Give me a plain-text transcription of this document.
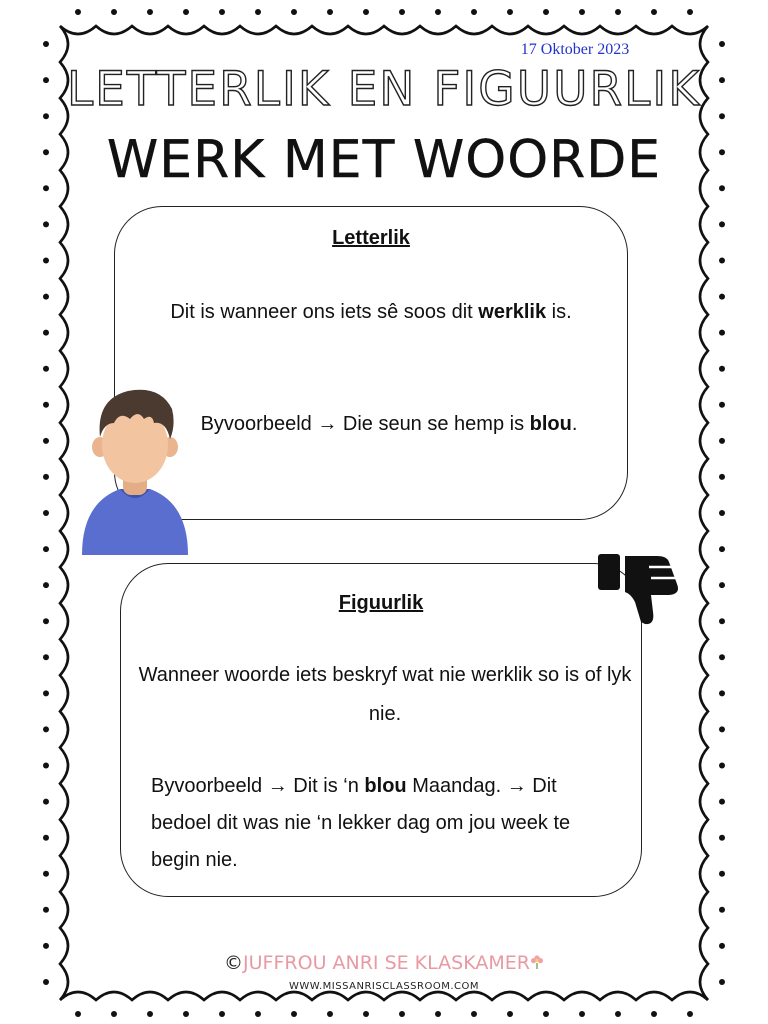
17 Oktober 2023
LETTERLIK EN FIGUURLIK
WERK MET WOORDE
Letterlik
Dit is wanneer ons iets sê soos dit werklik is.
Byvoorbeeld → Die seun se hemp is blou.
Figuurlik
Wanneer woorde iets beskryf wat nie werklik so is of lyk nie.
Byvoorbeeld → Dit is ‘n blou Maandag. → Dit bedoel dit was nie ‘n lekker dag om jou week te begin nie.
©JUFFROU ANRI SE KLASKAMER
WWW.MISSANRISCLASSROOM.COM
